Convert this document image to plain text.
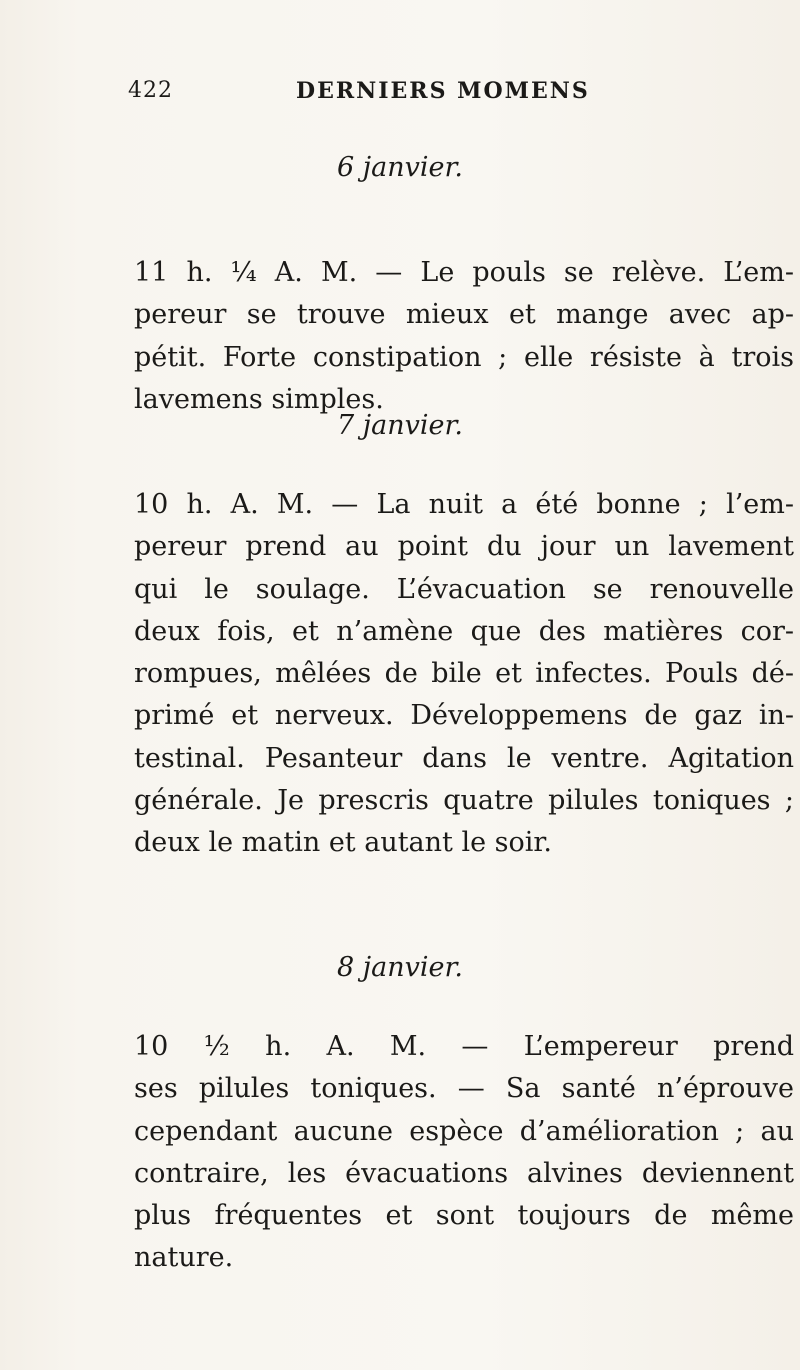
422	DERNIERS MOMENS
6 janvier.
11 h. ¼ A. M. — Le pouls se relève. L’em-
pereur se trouve mieux et mange avec ap-
pétit. Forte constipation ; elle résiste à trois
lavemens simples.
7 janvier.
10 h. A. M. — La nuit a été bonne ; l’em-
pereur prend au point du jour un lavement
qui le soulage. L’évacuation se renouvelle
deux fois, et n’amène que des matières cor-
rompues, mêlées de bile et infectes. Pouls dé-
primé et nerveux. Développemens de gaz in-
testinal. Pesanteur dans le ventre. Agitation
générale. Je prescris quatre pilules toniques ;
deux le matin et autant le soir.
8 janvier.
10 ½ h. A. M. — L’empereur prend
ses pilules toniques. — Sa santé n’éprouve
cependant aucune espèce d’amélioration ; au
contraire, les évacuations alvines deviennent
plus fréquentes et sont toujours de même
nature.
